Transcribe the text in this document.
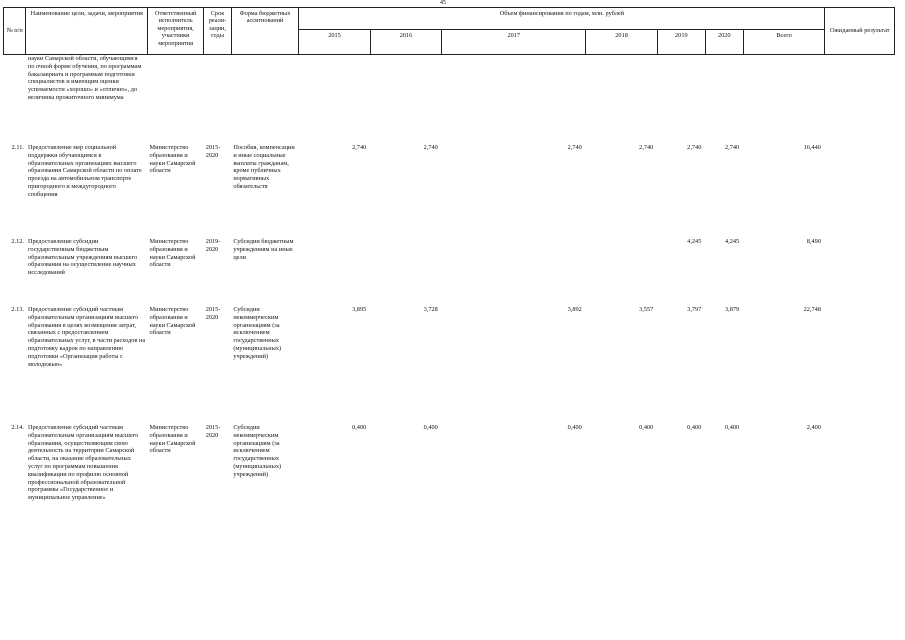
45
№ п/п	Наименование цели, задачи, мероприятия	Ответственный исполнитель мероприятия, участники мероприятия	Срок реали-зации, годы	Форма бюджетных ассигнований	Объем финансирования по годам, млн. рублей							Ожидаемый результат
					2015	2016	2017	2018	2019	2020	Всего	
	науки Самарской области, обучающимся по очной форме обучения, по программам бакалавриата и программам подготовки специалистов и имеющим оценки успеваемости «хорошо» и «отлично», до величины прожиточного минимума											
2.11.	Предоставление мер социальной поддержки обучающимся в образовательных организациях высшего образования Самарской области по оплате проезда на автомобильном транспорте пригородного и междугородного сообщения	Министерство образования и науки Самарской области	2015-2020	Пособия, компенсации и иные социальные выплаты гражданам, кроме публичных нормативных обязательств	2,740	2,740	2,740	2,740	2,740	2,740	16,440	
2.12.	Предоставление субсидии государственным бюджетным образовательным учреждениям высшего образования на осуществление научных исследований	Министерство образования и науки Самарской области	2019-2020	Субсидии бюджетным учреждениям на иные цели					4,245	4,245	8,490	
2.13.	Предоставление субсидий частным образовательным организациям высшего образования в целях возмещения затрат, связанных с предоставлением образовательных услуг, в части расходов на подготовку кадров по направлению подготовки «Организация работы с молодежью»	Министерство образования и науки Самарской области	2015-2020	Субсидии некоммерческим организациям (за исключением государственных (муниципальных) учреждений)	3,895	3,728	3,892	3,557	3,797	3,879	22,748	
2.14.	Предоставление субсидий частным образовательным организациям высшего образования, осуществляющим свою деятельность на территории Самарской области, на оказание образовательных услуг по программам повышения квалификации по профилю основной профессиональной образовательной программы «Государственное и муниципальное управление»	Министерство образования и науки Самарской области	2015-2020	Субсидии некоммерческим организациям (за исключением государственных (муниципальных) учреждений)	0,400	0,400	0,400	0,400	0,400	0,400	2,400	
